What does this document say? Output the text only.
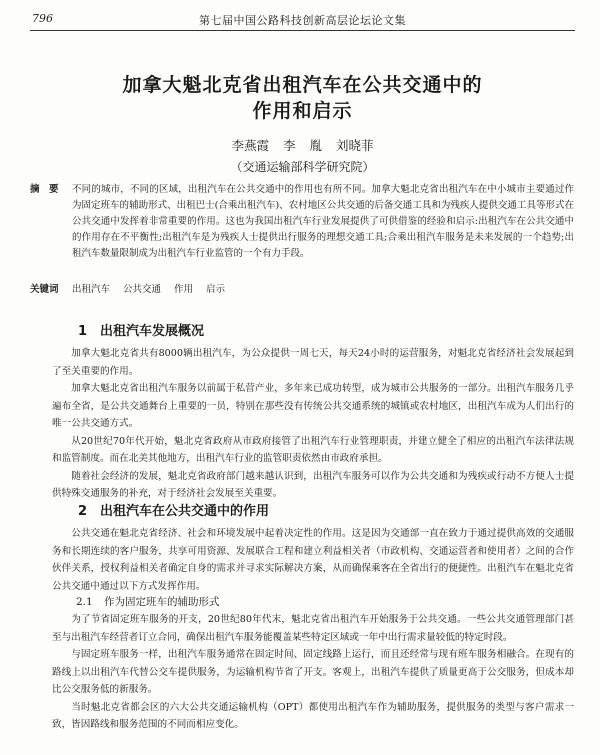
796	第七届中国公路科技创新高层论坛论文集
加拿大魁北克省出租汽车在公共交通中的
作用和启示
李燕霞 李 胤 刘晓菲
（交通运输部科学研究院）
摘　要 不同的城市，不同的区域，出租汽车在公共交通中的作用也有所不同。加拿大魁北克省出租汽车在中小城市主要通过作为固定班车的辅助形式、出租巴士(合乘出租汽车)、农村地区公共交通的后备交通工具和为残疾人提供交通工具等形式在公共交通中发挥着非常重要的作用。这也为我国出租汽车行业发展提供了可供借鉴的经验和启示:出租汽车在公共交通中的作用存在不平衡性;出租汽车是为残疾人士提供出行服务的理想交通工具;合乘出租汽车服务是未来发展的一个趋势;出租汽车数量限制成为出租汽车行业监管的一个有力手段。
关键词 出租汽车 公共交通 作用 启示
1 出租汽车发展概况

加拿大魁北克省共有8000辆出租汽车，为公众提供一周七天，每天24小时的运营服务，对魁北克省经济社会发展起到了至关重要的作用。

加拿大魁北克省出租汽车服务以前属于私营产业，多年来已成功转型，成为城市公共服务的一部分。出租汽车服务几乎遍布全省，是公共交通舞台上重要的一员，特别在那些没有传统公共交通系统的城镇或农村地区，出租汽车成为人们出行的唯一公共交通方式。

从20世纪70年代开始，魁北克省政府从市政府接管了出租汽车行业管理职责，并建立健全了相应的出租汽车法律法规和监管制度。而在北美其他地方，出租汽车行业的监管职责依然由市政府承担。

随着社会经济的发展，魁北克省政府部门越来越认识到，出租汽车服务可以作为公共交通和为残疾或行动不方便人士提供特殊交通服务的补充，对于经济社会发展至关重要。

2 出租汽车在公共交通中的作用

公共交通在魁北克省经济、社会和环境发展中起着决定性的作用。这是因为交通部一直在致力于通过提供高效的交通服务和长期连续的客户服务，共享可用资源、发展联合工程和建立利益相关者（市政机构、交通运营者和使用者）之间的合作伙伴关系，授权利益相关者确定自身的需求并寻求实际解决方案，从而确保乘客在全省出行的便捷性。出租汽车在魁北克省公共交通中通过以下方式发挥作用。

2.1 作为固定班车的辅助形式

为了节省固定班车服务的开支，20世纪80年代末，魁北克省出租汽车开始服务于公共交通。一些公共交通管理部门甚至与出租汽车经营者订立合同，确保出租汽车服务能覆盖某些特定区域或一年中出行需求量较低的特定时段。

与固定班车服务一样，出租汽车服务通常在固定时间、固定线路上运行，而且还经常与现有班车服务相融合。在现有的路线上以出租汽车代替公交车提供服务，为运输机构节省了开支。客观上，出租汽车提供了质量更高于公交服务，但成本却比公交服务低的新服务。

当时魁北克省都会区的六大公共交通运输机构（OPT）都使用出租汽车作为辅助服务，提供服务的类型与客户需求一致，皆因路线和服务范围的不同而相应变化。
